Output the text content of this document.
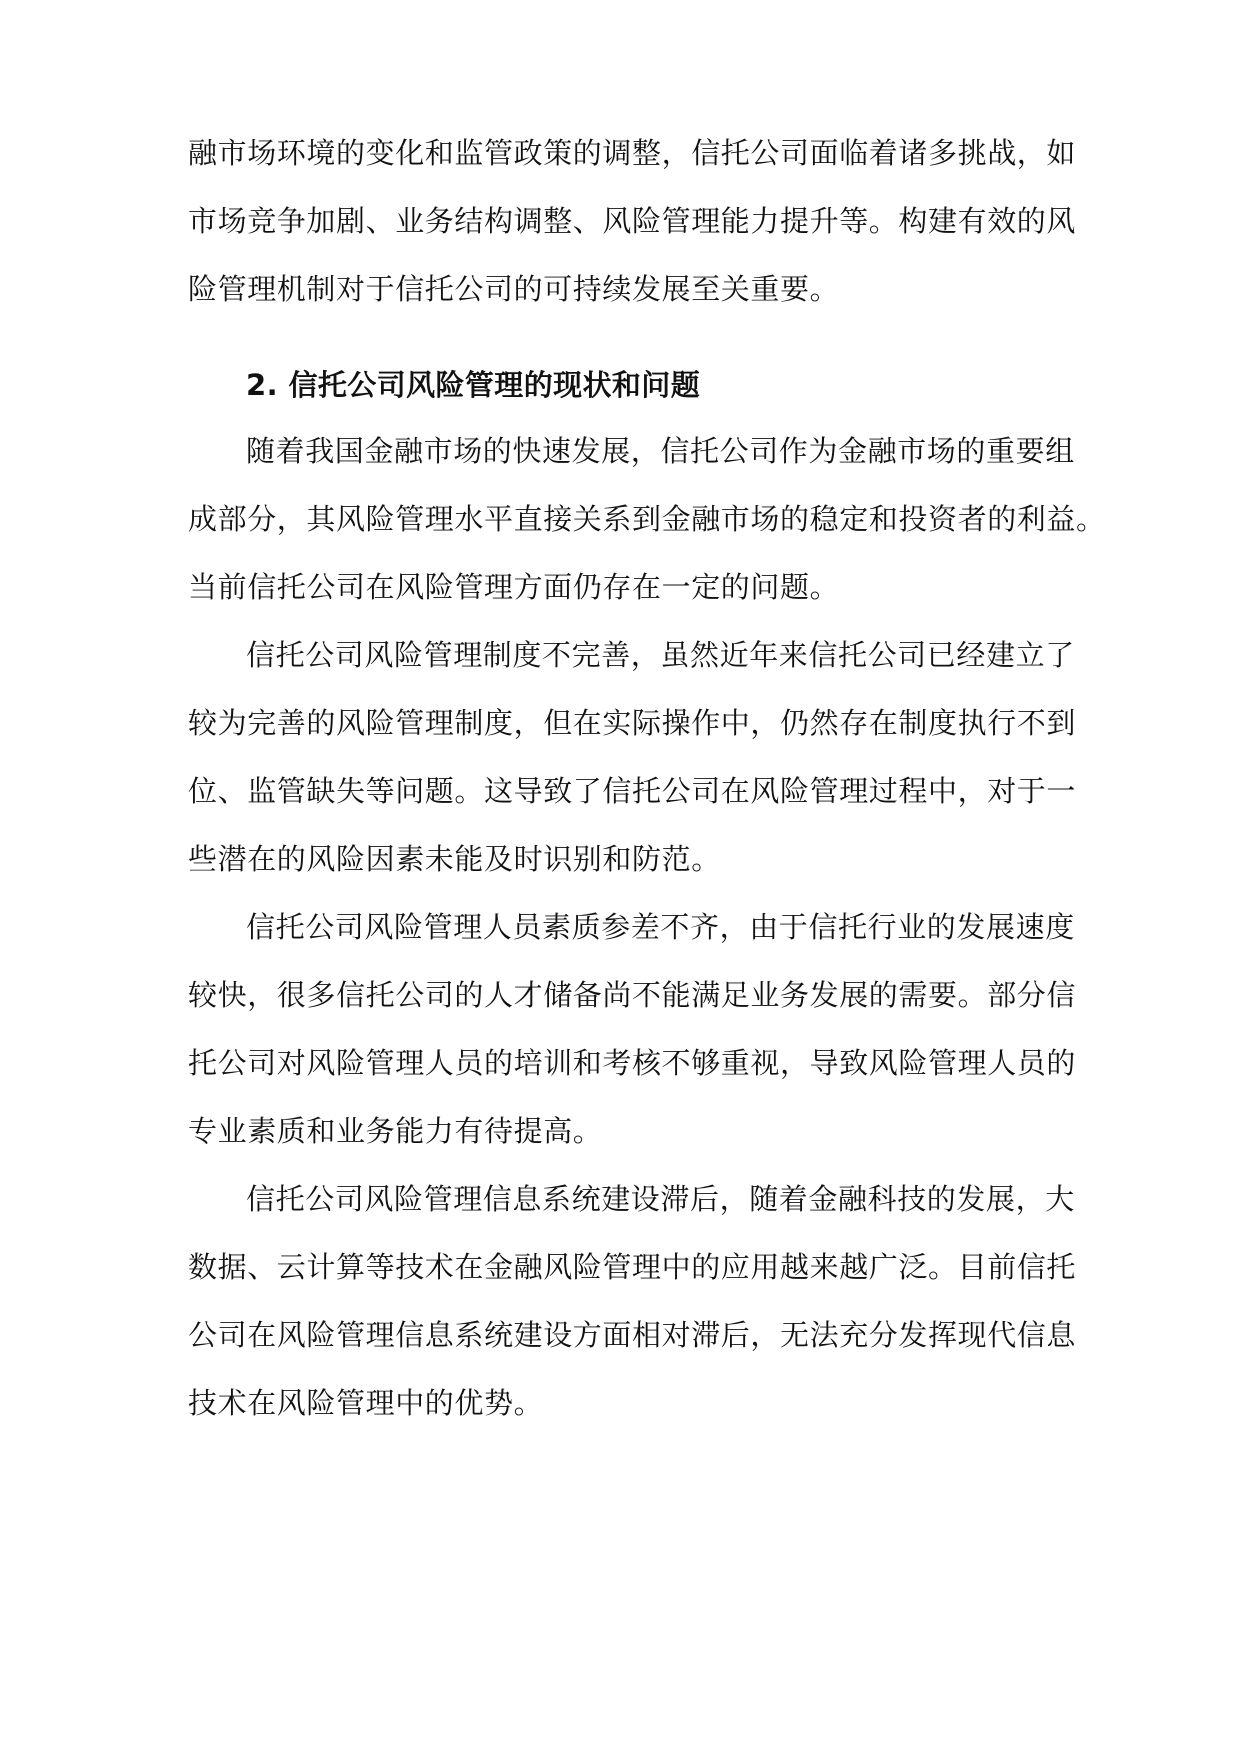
融市场环境的变化和监管政策的调整，信托公司面临着诸多挑战，如
市场竞争加剧、业务结构调整、风险管理能力提升等。构建有效的风
险管理机制对于信托公司的可持续发展至关重要。
2. 信托公司风险管理的现状和问题
随着我国金融市场的快速发展，信托公司作为金融市场的重要组
成部分，其风险管理水平直接关系到金融市场的稳定和投资者的利益。
当前信托公司在风险管理方面仍存在一定的问题。
信托公司风险管理制度不完善，虽然近年来信托公司已经建立了
较为完善的风险管理制度，但在实际操作中，仍然存在制度执行不到
位、监管缺失等问题。这导致了信托公司在风险管理过程中，对于一
些潜在的风险因素未能及时识别和防范。
信托公司风险管理人员素质参差不齐，由于信托行业的发展速度
较快，很多信托公司的人才储备尚不能满足业务发展的需要。部分信
托公司对风险管理人员的培训和考核不够重视，导致风险管理人员的
专业素质和业务能力有待提高。
信托公司风险管理信息系统建设滞后，随着金融科技的发展，大
数据、云计算等技术在金融风险管理中的应用越来越广泛。目前信托
公司在风险管理信息系统建设方面相对滞后，无法充分发挥现代信息
技术在风险管理中的优势。
